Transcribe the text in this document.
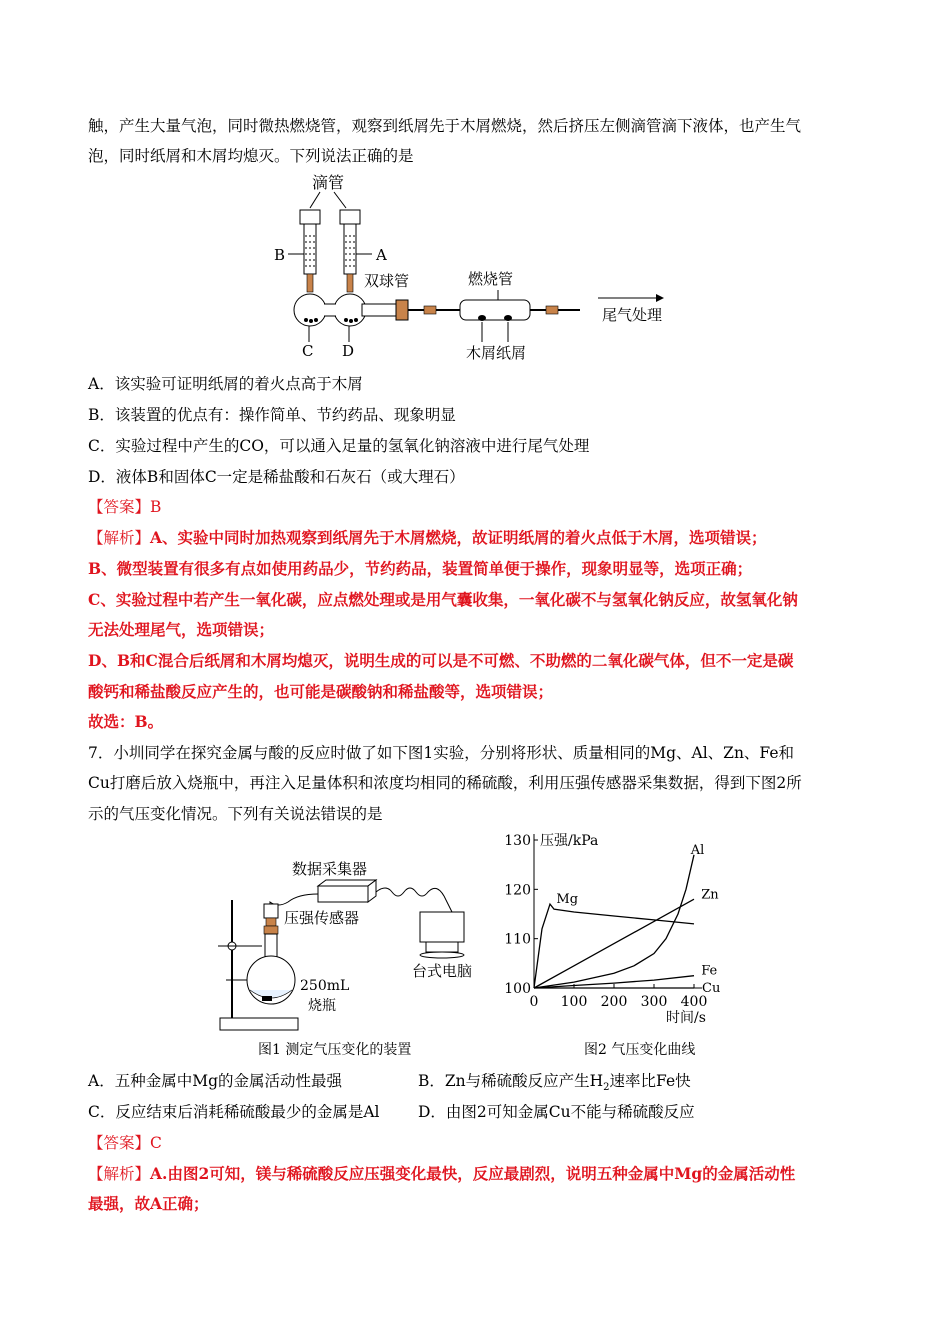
触，产生大量气泡，同时微热燃烧管，观察到纸屑先于木屑燃烧，然后挤压左侧滴管滴下液体，也产生气
泡，同时纸屑和木屑均熄灭。下列说法正确的是
滴管
B	A
双球管	燃烧管
尾气处理
C D	木屑纸屑
A．该实验可证明纸屑的着火点高于木屑
B．该装置的优点有：操作简单、节约药品、现象明显
C．实验过程中产生的CO，可以通入足量的氢氧化钠溶液中进行尾气处理
D．液体B和固体C一定是稀盐酸和石灰石（或大理石）
【答案】B
【解析】A、实验中同时加热观察到纸屑先于木屑燃烧，故证明纸屑的着火点低于木屑，选项错误；
B、微型装置有很多有点如使用药品少，节约药品，装置简单便于操作，现象明显等，选项正确；
C、实验过程中若产生一氧化碳，应点燃处理或是用气囊收集，一氧化碳不与氢氧化钠反应，故氢氧化钠
无法处理尾气，选项错误；
D、B和C混合后纸屑和木屑均熄灭，说明生成的可以是不可燃、不助燃的二氧化碳气体，但不一定是碳
酸钙和稀盐酸反应产生的，也可能是碳酸钠和稀盐酸等，选项错误；
故选：B。
7．小圳同学在探究金属与酸的反应时做了如下图1实验，分别将形状、质量相同的Mg、Al、Zn、Fe和
Cu打磨后放入烧瓶中，再注入足量体积和浓度均相同的稀硫酸，利用压强传感器采集数据，得到下图2所
示的气压变化情况。下列有关说法错误的是
数据采集器
压强传感器
台式电脑
250mL
烧瓶
图1 测定气压变化的装置
0 100 200 300 400
100
110
120
130
Mg
Al
Zn
Fe
Cu
压强/kPa
时间/s
图2 气压变化曲线
A．五种金属中Mg的金属活动性最强	B．Zn与稀硫酸反应产生$H_2$速率比Fe快
C．反应结束后消耗稀硫酸最少的金属是Al D．由图2可知金属Cu不能与稀硫酸反应
【答案】C
【解析】A.由图2可知，镁与稀硫酸反应压强变化最快，反应最剧烈，说明五种金属中Mg的金属活动性
最强，故A正确；
